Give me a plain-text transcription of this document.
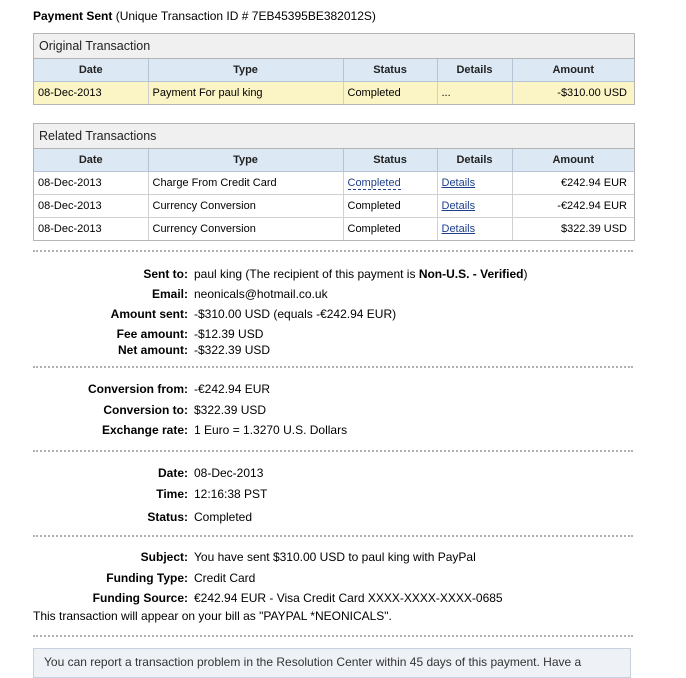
Payment Sent (Unique Transaction ID # 7EB45395BE382012S)
Original Transaction
Date	Type	Status	Details	Amount
08-Dec-2013	Payment For paul king	Completed	...	-$310.00 USD
Related Transactions
Date	Type	Status	Details	Amount
08-Dec-2013	Charge From Credit Card	Completed	Details	€242.94 EUR
08-Dec-2013	Currency Conversion	Completed	Details	-€242.94 EUR
08-Dec-2013	Currency Conversion	Completed	Details	$322.39 USD
Sent to: paul king (The recipient of this payment is Non-U.S. - Verified)
Email: neonicals@hotmail.co.uk
Amount sent: -$310.00 USD (equals -€242.94 EUR)
Fee amount: -$12.39 USD
Net amount: -$322.39 USD
Conversion from: -€242.94 EUR
Conversion to: $322.39 USD
Exchange rate: 1 Euro = 1.3270 U.S. Dollars
Date: 08-Dec-2013
Time: 12:16:38 PST
Status: Completed
Subject: You have sent $310.00 USD to paul king with PayPal
Funding Type: Credit Card
Funding Source: €242.94 EUR - Visa Credit Card XXXX-XXXX-XXXX-0685
This transaction will appear on your bill as "PAYPAL *NEONICALS".
You can report a transaction problem in the Resolution Center within 45 days of this payment. Have a
